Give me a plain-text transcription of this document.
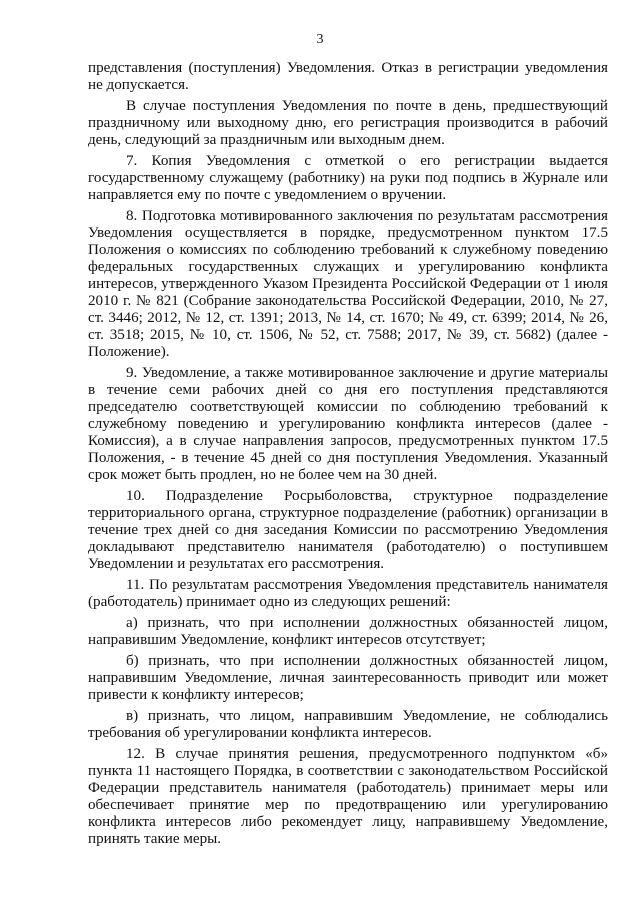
3

представления (поступления) Уведомления. Отказ в регистрации уведомления не допускается.

В случае поступления Уведомления по почте в день, предшествующий праздничному или выходному дню, его регистрация производится в рабочий день, следующий за праздничным или выходным днем.

7. Копия Уведомления с отметкой о его регистрации выдается государственному служащему (работнику) на руки под подпись в Журнале или направляется ему по почте с уведомлением о вручении.

8. Подготовка мотивированного заключения по результатам рассмотрения Уведомления осуществляется в порядке, предусмотренном пунктом 17.5 Положения о комиссиях по соблюдению требований к служебному поведению федеральных государственных служащих и урегулированию конфликта интересов, утвержденного Указом Президента Российской Федерации от 1 июля 2010 г. № 821 (Собрание законодательства Российской Федерации, 2010, № 27, ст. 3446; 2012, № 12, ст. 1391; 2013, № 14, ст. 1670; № 49, ст. 6399; 2014, № 26, ст. 3518; 2015, № 10, ст. 1506, № 52, ст. 7588; 2017, № 39, ст. 5682) (далее - Положение).

9. Уведомление, а также мотивированное заключение и другие материалы в течение семи рабочих дней со дня его поступления представляются председателю соответствующей комиссии по соблюдению требований к служебному поведению и урегулированию конфликта интересов (далее - Комиссия), а в случае направления запросов, предусмотренных пунктом 17.5 Положения, - в течение 45 дней со дня поступления Уведомления. Указанный срок может быть продлен, но не более чем на 30 дней.

10. Подразделение Росрыболовства, структурное подразделение территориального органа, структурное подразделение (работник) организации в течение трех дней со дня заседания Комиссии по рассмотрению Уведомления докладывают представителю нанимателя (работодателю) о поступившем Уведомлении и результатах его рассмотрения.

11. По результатам рассмотрения Уведомления представитель нанимателя (работодатель) принимает одно из следующих решений:

а) признать, что при исполнении должностных обязанностей лицом, направившим Уведомление, конфликт интересов отсутствует;

б) признать, что при исполнении должностных обязанностей лицом, направившим Уведомление, личная заинтересованность приводит или может привести к конфликту интересов;

в) признать, что лицом, направившим Уведомление, не соблюдались требования об урегулировании конфликта интересов.

12. В случае принятия решения, предусмотренного подпунктом «б» пункта 11 настоящего Порядка, в соответствии с законодательством Российской Федерации представитель нанимателя (работодатель) принимает меры или обеспечивает принятие мер по предотвращению или урегулированию конфликта интересов либо рекомендует лицу, направившему Уведомление, принять такие меры.
